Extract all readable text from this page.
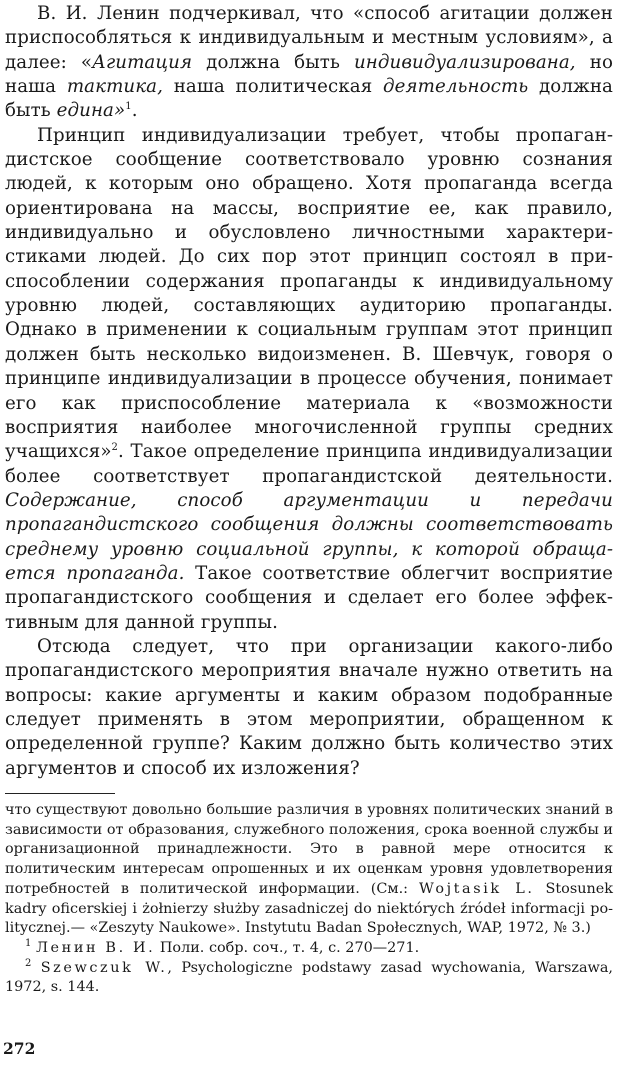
В. И. Ленин подчеркивал, что «способ агитации должен приспособляться к индивидуальным и местным условиям», а далее: «Агитация должна быть индивидуализирована, но наша тактика, наша политическая деятельность должна быть едина»$^1$.

Принцип индивидуализации требует, чтобы пропагандистское сообщение соответствовало уровню сознания людей, к которым оно обращено. Хотя пропаганда всегда ориентирована на массы, восприятие ее, как правило, индивидуально и обусловлено личностными характеристиками людей. До сих пор этот принцип состоял в приспособлении содержания пропаганды к индивидуальному уровню людей, составляющих аудиторию пропаганды. Однако в применении к социальным группам этот принцип должен быть несколько видоизменен. В. Шевчук, говоря о принципе индивидуализации в процессе обучения, понимает его как приспособление материала к «возможности восприятия наиболее многочисленной группы средних учащихся»$^2$. Такое определение принципа индивидуализации более соответствует пропагандистской деятельности. Содержание, способ аргументации и передачи пропагандистского сообщения должны соответствовать среднему уровню социальной группы, к которой обращается пропаганда. Такое соответствие облегчит восприятие пропагандистского сообщения и сделает его более эффективным для данной группы.

Отсюда следует, что при организации какого-либо пропагандистского мероприятия вначале нужно ответить на вопросы: какие аргументы и каким образом подобранные следует применять в этом мероприятии, обращенном к определенной группе? Каким должно быть количество этих аргументов и способ их изложения?

что существуют довольно большие различия в уровнях политических знаний в зависимости от образования, служебного положения, срока военной службы и организационной принадлежности. Это в равной мере относится к политическим интересам опрошенных и их оценкам уровня удовлетворения потребностей в политической информации. (См.: Wojtasik L. Stosunek kadry oficerskiej i żołnierzy służby zasadniczej do niektórych źródeł informacji politycznej.— «Zeszyty Naukowe». Instytutu Badan Społecznych, WAP, 1972, № 3.)

$^1$ Ленин В. И. Поли. собр. соч., т. 4, с. 270—271.

$^2$ Szewczuk W., Psychologiczne podstawy zasad wychowania, Warszawa, 1972, s. 144.

272
